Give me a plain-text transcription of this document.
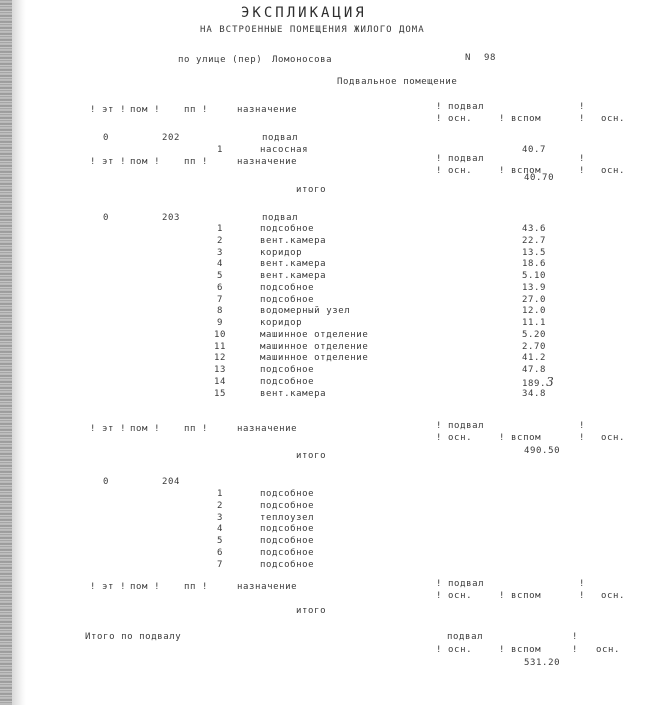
ЭКСПЛИКАЦИЯ
НА ВСТРОЕННЫЕ ПОМЕЩЕНИЯ ЖИЛОГО ДОМА
по улице (пер) Ломоносова	N 98
Подвальное помещение
! эт ! пом !	пп !	назначение	! подвал
! осн.	! вспом
!
! осн.
0	202	подвал
1	насосная	40.7
! эт ! пом !	пп !	назначение	! подвал
! осн.	! вспом
!
! осн.
итого
40.70
0	203	подвал
1	подсобное	43.6
2	вент.камера	22.7
3	коридор	13.5
4	вент.камера	18.6
5	вент.камера	5.10
6	подсобное	13.9
7	подсобное	27.0
8	водомерный узел	12.0
9	коридор	11.1
10	машинное отделение	5.20
11	машинное отделение	2.70
12	машинное отделение	41.2
13	подсобное	47.8
14	подсобное	189.3
15	вент.камера	34.8
! эт ! пом !	пп !	назначение	! подвал
! осн.	! вспом
!
! осн.
итого	490.50
0	204
1	подсобное
2	подсобное
3	теплоузел
4	подсобное
5	подсобное
6	подсобное
7	подсобное
! эт ! пом !	пп !	назначение	! подвал
! осн.	! вспом
!
! осн.
итого
Итого по подвалу	подвал
! осн.	! вспом
!
! осн.
531.20
